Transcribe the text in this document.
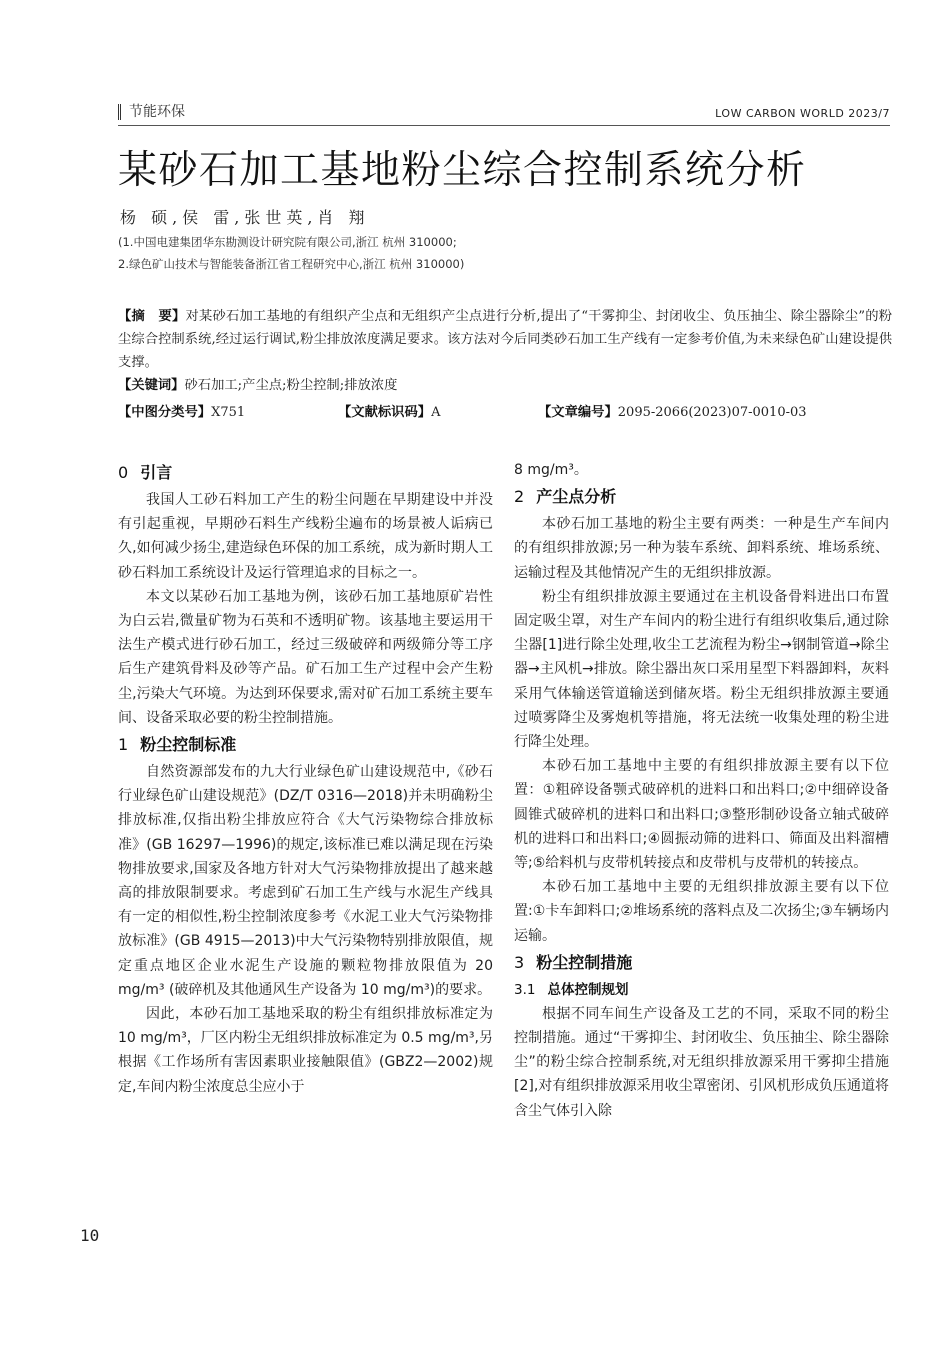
节能环保	LOW CARBON WORLD 2023/7
某砂石加工基地粉尘综合控制系统分析
杨 硕,侯 雷,张世英,肖 翔
(1.中国电建集团华东勘测设计研究院有限公司,浙江 杭州 310000;
2.绿色矿山技术与智能装备浙江省工程研究中心,浙江 杭州 310000)

【摘　要】对某砂石加工基地的有组织产尘点和无组织产尘点进行分析,提出了“干雾抑尘、封闭收尘、负压抽尘、除尘器除尘”的粉尘综合控制系统,经过运行调试,粉尘排放浓度满足要求。该方法对今后同类砂石加工生产线有一定参考价值,为未来绿色矿山建设提供支撑。

【关键词】砂石加工;产尘点;粉尘控制;排放浓度

【中图分类号】X751	【文献标识码】A	【文章编号】2095-2066(2023)07-0010-03
0 引言

我国人工砂石料加工产生的粉尘问题在早期建设中并没有引起重视，早期砂石料生产线粉尘遍布的场景被人诟病已久,如何减少扬尘,建造绿色环保的加工系统，成为新时期人工砂石料加工系统设计及运行管理追求的目标之一。

本文以某砂石加工基地为例，该砂石加工基地原矿岩性为白云岩,微量矿物为石英和不透明矿物。该基地主要运用干法生产模式进行砂石加工，经过三级破碎和两级筛分等工序后生产建筑骨料及砂等产品。矿石加工生产过程中会产生粉尘,污染大气环境。为达到环保要求,需对矿石加工系统主要车间、设备采取必要的粉尘控制措施。

1 粉尘控制标准

自然资源部发布的九大行业绿色矿山建设规范中,《砂石行业绿色矿山建设规范》(DZ/T 0316—2018)并未明确粉尘排放标准,仅指出粉尘排放应符合《大气污染物综合排放标准》(GB 16297—1996)的规定,该标准已难以满足现在污染物排放要求,国家及各地方针对大气污染物排放提出了越来越高的排放限制要求。考虑到矿石加工生产线与水泥生产线具有一定的相似性,粉尘控制浓度参考《水泥工业大气污染物排放标准》(GB 4915—2013)中大气污染物特别排放限值，规定重点地区企业水泥生产设施的颗粒物排放限值为 20 mg/m³ (破碎机及其他通风生产设备为 10 mg/m³)的要求。

因此，本砂石加工基地采取的粉尘有组织排放标准定为 10 mg/m³，厂区内粉尘无组织排放标准定为 0.5 mg/m³,另根据《工作场所有害因素职业接触限值》(GBZ2—2002)规定,车间内粉尘浓度总尘应小于

8 mg/m³。

2 产尘点分析

本砂石加工基地的粉尘主要有两类：一种是生产车间内的有组织排放源;另一种为装车系统、卸料系统、堆场系统、运输过程及其他情况产生的无组织排放源。

粉尘有组织排放源主要通过在主机设备骨料进出口布置固定吸尘罩，对生产车间内的粉尘进行有组织收集后,通过除尘器[1]进行除尘处理,收尘工艺流程为粉尘→钢制管道→除尘器→主风机→排放。除尘器出灰口采用星型下料器卸料，灰料采用气体输送管道输送到储灰塔。粉尘无组织排放源主要通过喷雾降尘及雾炮机等措施，将无法统一收集处理的粉尘进行降尘处理。

本砂石加工基地中主要的有组织排放源主要有以下位置：①粗碎设备颚式破碎机的进料口和出料口;②中细碎设备圆锥式破碎机的进料口和出料口;③整形制砂设备立轴式破碎机的进料口和出料口;④圆振动筛的进料口、筛面及出料溜槽等;⑤给料机与皮带机转接点和皮带机与皮带机的转接点。

本砂石加工基地中主要的无组织排放源主要有以下位置:①卡车卸料口;②堆场系统的落料点及二次扬尘;③车辆场内运输。

3 粉尘控制措施
3.1 总体控制规划

根据不同车间生产设备及工艺的不同，采取不同的粉尘控制措施。通过“干雾抑尘、封闭收尘、负压抽尘、除尘器除尘”的粉尘综合控制系统,对无组织排放源采用干雾抑尘措施[2],对有组织排放源采用收尘罩密闭、引风机形成负压通道将含尘气体引入除

10
